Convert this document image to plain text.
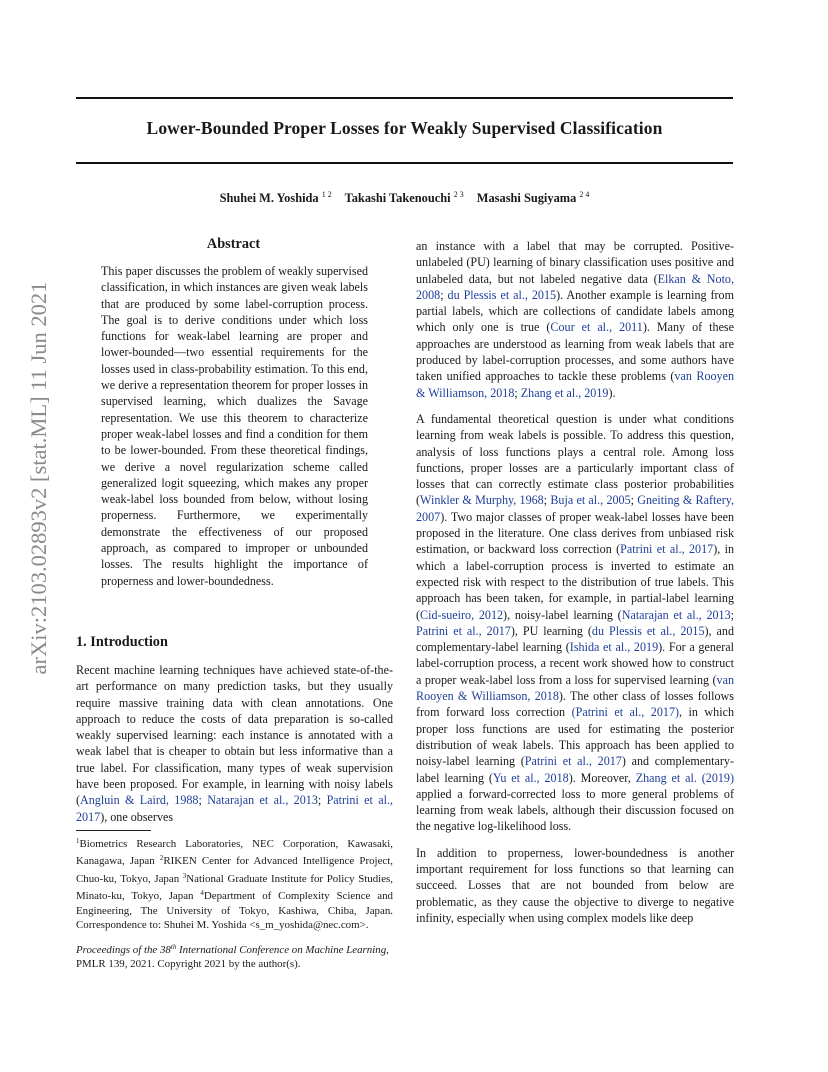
Lower-Bounded Proper Losses for Weakly Supervised Classification
Shuhei M. Yoshida $^{1 2}$ Takashi Takenouchi $^{2 3}$ Masashi Sugiyama $^{2 4}$
arXiv:2103.02893v2 [stat.ML] 11 Jun 2021
Abstract
This paper discusses the problem of weakly supervised classification, in which instances are given weak labels that are produced by some label-corruption process. The goal is to derive conditions under which loss functions for weak-label learning are proper and lower-bounded—two essential requirements for the losses used in class-probability estimation. To this end, we derive a representation theorem for proper losses in supervised learning, which dualizes the Savage representation. We use this theorem to characterize proper weak-label losses and find a condition for them to be lower-bounded. From these theoretical findings, we derive a novel regularization scheme called generalized logit squeezing, which makes any proper weak-label loss bounded from below, without losing properness. Furthermore, we experimentally demonstrate the effectiveness of our proposed approach, as compared to improper or unbounded losses. The results highlight the importance of properness and lower-boundedness.
1. Introduction
Recent machine learning techniques have achieved state-of-the-art performance on many prediction tasks, but they usually require massive training data with clean annotations. One approach to reduce the costs of data preparation is so-called weakly supervised learning: each instance is annotated with a weak label that is cheaper to obtain but less informative than a true label. For classification, many types of weak supervision have been proposed. For example, in learning with noisy labels (Angluin & Laird, 1988; Natarajan et al., 2013; Patrini et al., 2017), one observes
$^1$Biometrics Research Laboratories, NEC Corporation, Kawasaki, Kanagawa, Japan $^2$RIKEN Center for Advanced Intelligence Project, Chuo-ku, Tokyo, Japan $^3$National Graduate Institute for Policy Studies, Minato-ku, Tokyo, Japan $^4$Department of Complexity Science and Engineering, The University of Tokyo, Kashiwa, Chiba, Japan. Correspondence to: Shuhei M. Yoshida <s_m_yoshida@nec.com>.
Proceedings of the 38th International Conference on Machine Learning, PMLR 139, 2021. Copyright 2021 by the author(s).

an instance with a label that may be corrupted. Positive-unlabeled (PU) learning of binary classification uses positive and unlabeled data, but not labeled negative data (Elkan & Noto, 2008; du Plessis et al., 2015). Another example is learning from partial labels, which are collections of candidate labels among which only one is true (Cour et al., 2011). Many of these approaches are understood as learning from weak labels that are produced by label-corruption processes, and some authors have taken unified approaches to tackle these problems (van Rooyen & Williamson, 2018; Zhang et al., 2019).

A fundamental theoretical question is under what conditions learning from weak labels is possible. To address this question, analysis of loss functions plays a central role. Among loss functions, proper losses are a particularly important class of losses that can correctly estimate class posterior probabilities (Winkler & Murphy, 1968; Buja et al., 2005; Gneiting & Raftery, 2007). Two major classes of proper weak-label losses have been proposed in the literature. One class derives from unbiased risk estimation, or backward loss correction (Patrini et al., 2017), in which a label-corruption process is inverted to estimate an expected risk with respect to the distribution of true labels. This approach has been taken, for example, in partial-label learning (Cid-sueiro, 2012), noisy-label learning (Natarajan et al., 2013; Patrini et al., 2017), PU learning (du Plessis et al., 2015), and complementary-label learning (Ishida et al., 2019). For a general label-corruption process, a recent work showed how to construct a proper weak-label loss from a loss for supervised learning (van Rooyen & Williamson, 2018). The other class of losses follows from forward loss correction (Patrini et al., 2017), in which proper loss functions are used for estimating the posterior distribution of weak labels. This approach has been applied to noisy-label learning (Patrini et al., 2017) and complementary-label learning (Yu et al., 2018). Moreover, Zhang et al. (2019) applied a forward-corrected loss to more general problems of learning from weak labels, although their discussion focused on the negative log-likelihood loss.

In addition to properness, lower-boundedness is another important requirement for loss functions so that learning can succeed. Losses that are not bounded from below are problematic, as they cause the objective to diverge to negative infinity, especially when using complex models like deep
